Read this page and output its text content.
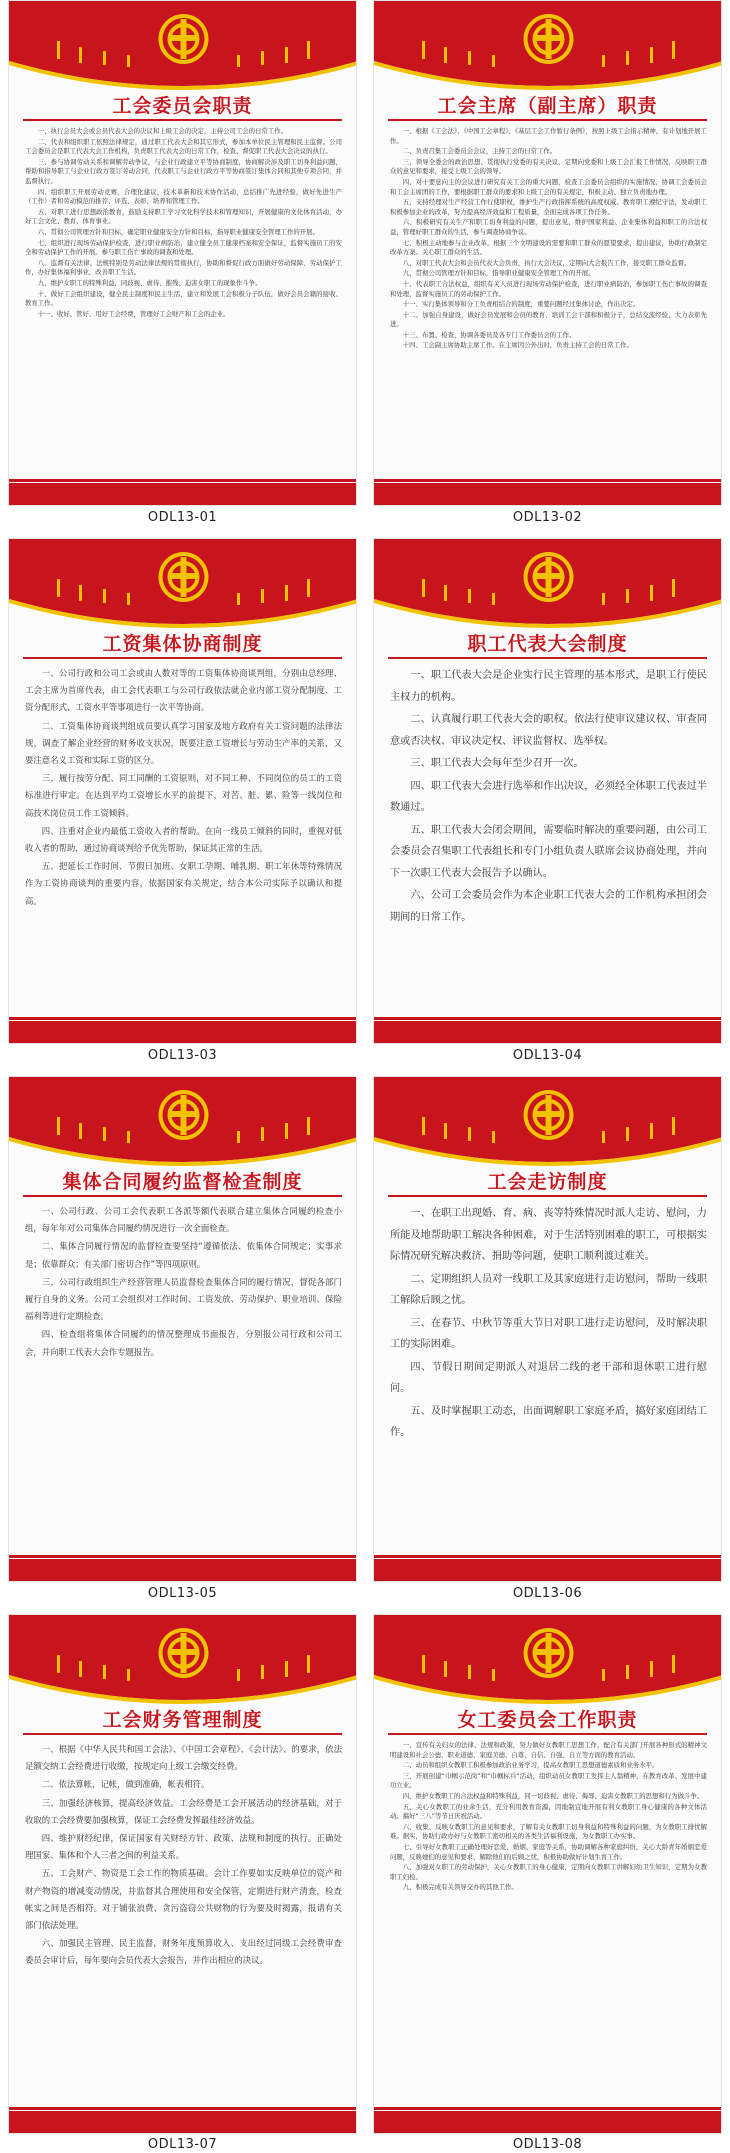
工会委员会职责

一、执行会员大会或会员代表大会的决议和上级工会的决定，主持公司工会的日常工作。

二、代表和组织职工依照法律规定，通过职工代表大会和其它形式，参加本单位民主管理和民主监督。公司工会委员会是职工代表大会工作机构，负责职工代表大会的日常工作，检查、督促职工代表大会决议的执行。

三、参与协调劳动关系和调解劳动争议，与企业行政建立平等协商制度，协商解决涉及职工切身利益问题，帮助和指导职工与企业行政方签订劳动合同，代表职工与企业行政方平等协商签订集体合同和其他专项合同，并监督执行。

四、组织职工开展劳动竞赛，合理化建议，技术革新和技术协作活动，总结推广先进经验，做好先进生产（工作）者和劳动模范的推荐、评选、表彰、培养和管理工作。

五、对职工进行思想政治教育，鼓励支持职工学习文化科学技术和管理知识，开展健康的文化体育活动，办好工会文化、教育、体育事业。

六、贯彻公司管理方针和目标，确定职业健康安全方针和目标，指导职业健康安全管理工作的开展。

七、组织进行现场劳动保护检查，进行职业病防治，建立健全员工健康档案和安全保证，监督实施员工的安全和劳动保护工作的开展。参与职工伤亡事故的调查和处理。

八、监督有关法律、法规特别是劳动法律法规的贯彻执行，协助和督促行政方面做好劳动保障，劳动保护工作，办好集体福利事业，改善职工生活。

九、维护女职工的特殊利益，同歧视、虐待、摧残、迫害女职工的现象作斗争。

十、做好工会组织建设，健全民主制度和民主生活，建立和发展工会积极分子队伍，做好会员会籍的接收、教育工作。

十一、收好、管好、用好工会经费，管理好工会财产和工会的企业。

ODL13-01
工会主席（副主席）职责

一、根据《工会法》、《中国工会章程》、《基层工会工作暂行条例》，按照上级工会指示精神，有计划地开展工作。

二、负责召集工会委员会会议，主持工会的日常工作。

三、领导全委会的政治思想、贯彻执行党委的有关决议，定期向党委和上级工会汇报工作情况，反映职工群众的意见和要求，接受上级工会的领导。

四、对十要意向主的会议进行研究有关工会的重大问题，检查工会委员会组织的实施情况，协调工会委员会和工会主席团的工作，要根据职工群众的要求和上级工会的有关规定，积极主动、独立负责地办理。

五、支持经理对生产经营工作行使职权，维护生产行政指挥系统的高度权威。教育职工遵纪守法，发动职工积极参加企业的改革，努力提高经济效益和工程质量，全面完成各项工作任务。

六、积极研究有关生产和职工切身利益的问题，提出意见，维护国家利益、企业集体利益和职工的合法权益，管理好职工群众的生活，参与调查协商争议。

七、积极主动地参与企业改革，根据三个文明建设的需要和职工群众的愿望要求，提出建议，协助行政制定改革方案。关心职工群众的生活。

八、对职工代表大会和会员代表大会负责，执行大会决议，定期向大会报告工作，接受职工群众监督。

九、贯彻公司管理方针和目标，指导职业健康安全管理工作的开展。

十、代表职工合法权益，组织有关人员进行现场劳动保护检查，进行职业病防治，参加职工伤亡事故的调查和处理，监督实施员工的劳动保护工作。

十一、实行集体领导和分工负责相结合的制度，重要问题经过集体讨论，作出决定。

十二、加强自身建设，做好会员发展和会员的教育、培训工会干部和积极分子，总结交流经验，大力表彰先进。

十三、布置、检查、协调各委员及各专门工作委员会的工作。

十四、工会副主席协助主席工作。在主席因公外出时，负责主持工会的日常工作。

ODL13-02
工资集体协商制度

一、公司行政和公司工会或由人数对等的工资集体协商谈判组，分别由总经理、工会主席为首席代表，由工会代表职工与公司行政依法就企业内部工资分配制度、工资分配形式、工资水平等事项进行一次平等协商。

二、工资集体协商谈判组成员要认真学习国家及地方政府有关工资问题的法律法规，调查了解企业经营的财务收支状况，既要注意工资增长与劳动生产率的关系，又要注意名义工资和实际工资的区分。

三、履行按劳分配、同工同酬的工资原则，对不同工种、不同岗位的员工的工资标准进行审定。在达到平均工资增长水平的前提下，对苦、脏、累、险等一线岗位和高技术岗位员工作工资倾斜。

四、注重对企业内最低工资收入者的帮助。在向一线员工倾斜的同时，重视对低收入者的帮助，通过协商谈判给予优先帮助，保证其正常的生活。

五、把延长工作时间、节假日加班、女职工孕期、哺乳期、职工年休等特殊情况作为工资协商谈判的重要内容，依据国家有关规定，结合本公司实际予以确认和提高。

ODL13-03
职工代表大会制度

一、职工代表大会是企业实行民主管理的基本形式，是职工行使民主权力的机构。

二、认真履行职工代表大会的职权。依法行使审议建议权、审查同意或否决权、审议决定权、评议监督权、选举权。

三、职工代表大会每年至少召开一次。

四、职工代表大会进行选举和作出决议，必须经全体职工代表过半数通过。

五、职工代表大会闭会期间，需要临时解决的重要问题，由公司工会委员会召集职工代表组长和专门小组负责人联席会议协商处理，并向下一次职工代表大会报告予以确认。

六、公司工会委员会作为本企业职工代表大会的工作机构承担闭会期间的日常工作。

ODL13-04
集体合同履约监督检查制度

一、公司行政、公司工会代表职工各派等额代表联合建立集体合同履约检查小组，每年年对公司集体合同履约情况进行一次全面检查。

二、集体合同履行情况的监督检查要坚持“遵循依法、依集体合同规定；实事求是；依靠群众；有关部门密切合作”等四项原则。

三、公司行政组织生产经营管理人员监督检查集体合同的履行情况，督促各部门履行自身的义务。公司工会组织对工作时间、工资发放、劳动保护、职业培训、保险福利等进行定期检查。

四、检查组将集体合同履约的情况整理成书面报告，分别报公司行政和公司工会，并向职工代表大会作专题报告。

ODL13-05
工会走访制度

一、在职工出现婚、育、病、丧等特殊情况时派人走访、慰问，力所能及地帮助职工解决各种困难，对于生活特别困难的职工，可根据实际情况研究解决救济、捐助等问题，使职工顺利渡过难关。

二、定期组织人员对一线职工及其家庭进行走访慰问，帮助一线职工解除后顾之忧。

三、在春节、中秋节等重大节日对职工进行走访慰问，及时解决职工的实际困难。

四、节假日期间定期派人对退居二线的老干部和退休职工进行慰问。

五、及时掌握职工动态，出面调解职工家庭矛盾，搞好家庭团结工作。

ODL13-06
工会财务管理制度

一、根据《中华人民共和国工会法》、《中国工会章程》、《会计法》、的要求，依法足额交纳工会经费进行收缴，按规定向上级工会缴交经费。

二、依法算帐，记帐，做到准确，帐表相符。

三、加强经济核算，提高经济效益。工会经费是工会开展活动的经济基础，对于收取的工会经费要加强核算，保证工会经费发挥最佳经济效益。

四、维护财经纪律，保证国家有关财经方针、政策、法规和制度的执行。正确处理国家、集体和个人三者之间的利益关系。

五、工会财产、物资是工会工作的物质基础。会计工作要如实反映单位的资产和财产物资的增减变动情况，并监督其合理使用和安全保管，定期进行财产清查，检查帐实之间是否相符。对于铺张浪费、贪污盗窃公共财物的行为要及时揭露，报请有关部门依法处理。

六、加强民主管理、民主监督，财务年度预算收入、支出经过同级工会经费审查委员会审计后，每年要向会员代表大会报告，并作出相应的决议。

ODL13-07
女工委员会工作职责

一、宣传有关妇女的法律、法规和政策，努力做好女教职工思想工作，配合有关部门开展各种形式的精神文明建设和社会公德、职业道德、家庭美德、自尊、自信、自强、自立等方面的教育活动。

二、动员和组织女教职工积极参加政治业务学习，提高女教职工思想道德素质和业务水平。

三、开展创建“巾帼示范岗”和“巾帼标兵”活动，组织动员女教职工发挥主人翁精神，在教育改革、发展中建功立业。

四、维护女教职工的合法权益和特殊利益，同一切歧视、虐待、侮辱、迫害女教职工的思想和行为做斗争。

五、关心女教职工的业余生活，充分利用教育资源，因地制宜地开展有利女教职工身心健康的各种文体活动。搞好“三八”等节日庆祝活动。

六、收集、反映女教职工的意见和要求，了解有关女教职工切身利益和特殊利益的问题，为女教职工排忧解难。据实，协助行政办好与女教职工密切相关的各类生活福利设施，为女教职工办实事。

七、引导好女教职工正确处理好恋爱、婚姻、家庭等关系，协助调解各种家庭纠纷，关心大龄青年婚姻恋爱问题，反映她们的意见和要求，解除他们的后顾之忧，积极协助做好计划生育工作。

八、加强对女职工的劳动保护，关心女教职工的身心健康，定期向女教职工讲解妇幼卫生知识，定期为女教职工妇检。

九、积极完成有关领导交办的其他工作。

ODL13-08
